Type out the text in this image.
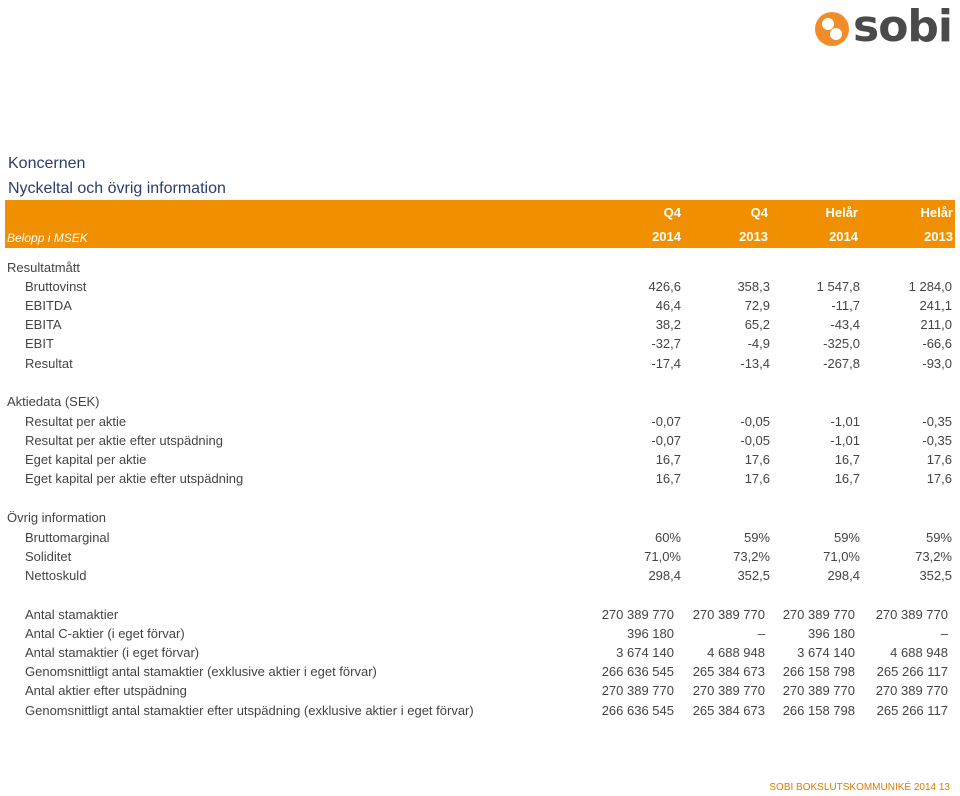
sobi
Koncernen
Nyckeltal och övrig information
Belopp i MSEK
Q4	Q4	Helår	Helår
2014	2013	2014	2013
Resultatmått
Bruttovinst	426,6	358,3	1 547,8	1 284,0
EBITDA	46,4	72,9	-11,7	241,1
EBITA	38,2	65,2	-43,4	211,0
EBIT	-32,7	-4,9	-325,0	-66,6
Resultat	-17,4	-13,4	-267,8	-93,0
Aktiedata (SEK)
Resultat per aktie	-0,07	-0,05	-1,01	-0,35
Resultat per aktie efter utspädning	-0,07	-0,05	-1,01	-0,35
Eget kapital per aktie	16,7	17,6	16,7	17,6
Eget kapital per aktie efter utspädning	16,7	17,6	16,7	17,6
Övrig information
Bruttomarginal	60%	59%	59%	59%
Soliditet	71,0%	73,2%	71,0%	73,2%
Nettoskuld	298,4	352,5	298,4	352,5
Antal stamaktier	270 389 770	270 389 770	270 389 770	270 389 770
Antal C-aktier (i eget förvar)	396 180	–	396 180	–
Antal stamaktier (i eget förvar)	3 674 140	4 688 948	3 674 140	4 688 948
Genomsnittligt antal stamaktier (exklusive aktier i eget förvar)	266 636 545	265 384 673	266 158 798	265 266 117
Antal aktier efter utspädning	270 389 770	270 389 770	270 389 770	270 389 770
Genomsnittligt antal stamaktier efter utspädning (exklusive aktier i eget förvar)	266 636 545	265 384 673	266 158 798	265 266 117
SOBI BOKSLUTSKOMMUNIKÉ 2014 13
